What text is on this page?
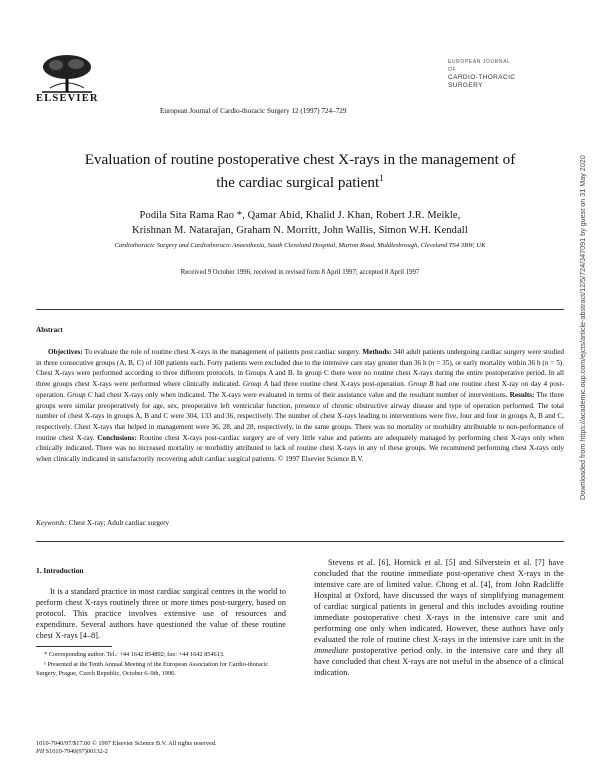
ELSEVIER
European Journal of Cardio-thoracic Surgery 12 (1997) 724–729
EUROPEAN JOURNAL OF
CARDIO-THORACIC
SURGERY
Evaluation of routine postoperative chest X-rays in the management of
the cardiac surgical patient$^1$
Podila Sita Rama Rao *, Qamar Abid, Khalid J. Khan, Robert J.R. Meikle,
Krishnan M. Natarajan, Graham N. Morritt, John Wallis, Simon W.H. Kendall
Cardiothoracic Surgery and Cardiothoracic Anaesthesia, South Cleveland Hospital, Marton Road, Middlesbrough, Cleveland TS4 3BW, UK
Received 9 October 1996; received in revised form 8 April 1997; accepted 8 April 1997
Abstract
Objectives: To evaluate the role of routine chest X-rays in the management of patients post cardiac surgery. Methods: 340 adult patients undergoing cardiac surgery were studied in three consecutive groups (A, B, C) of 100 patients each. Forty patients were excluded due to the intensive care stay greater than 36 h (n = 35), or early mortality within 36 h (n = 5). Chest X-rays were performed according to three different protocols. in Groups A and B. In group C there were no routine chest X-rays during the entire postoperative period. In all three groups chest X-rays were performed where clinically indicated. Group A had three routine chest X-rays post-operation. Group B had one routine chest X-ray on day 4 post-operation. Group C had chest X-rays only when indicated. The X-rays were evaluated in terms of their assistance value and the resultant number of interventions. Results: The three groups were similar preoperatively for age, sex, preoperative left ventricular function, presence of chronic obstructive airway disease and type of operation performed. The total number of chest X-rays in groups A, B and C were 304, 133 and 36, respectively. The number of chest X-rays leading to interventions were five, four and four in groups A, B and C, respectively. Chest X-rays that helped in management were 36, 28, and 28, respectively, in the same groups. There was no mortality or morbidity attributable to non-performance of routine chest X-ray. Conclusions: Routine chest X-rays post-cardiac surgery are of very little value and patients are adequately managed by performing chest X-rays only when clinically indicated. There was no increased mortality or morbidity attributed to lack of routine chest X-rays in any of these groups. We recommend performing chest X-rays only when clinically indicated in satisfactorily recovering adult cardiac surgical patients. © 1997 Elsevier Science B.V.
Keywords: Chest X-ray; Adult cardiac surgery
1. Introduction
It is a standard practice in most cardiac surgical centres in the world to perform chest X-rays routinely three or more times post-surgery, based on protocol. This practice involves extensive use of resources and expenditure. Several authors have questioned the value of these routine chest X-rays [4–8].
Stevens et al. [6], Hornick et al. [5] and Silverstein et al. [7] have concluded that the routine immediate post-operative chest X-rays in the intensive care are of limited value. Chong et al. [4], from John Radcliffe Hospital at Oxford, have discussed the ways of simplifying management of cardiac surgical patients in general and this includes avoiding routine immediate postoperative chest X-rays in the intensive care unit and performing one only when indicated. However, these authors have only evaluated the role of routine chest X-rays in the intensive care unit in the immediate postoperative period only. in the intensive care and they all have concluded that chest X-rays are not useful in the absence of a clinical indication.

* Corresponding author. Tel.: +44 1642 854892; fax: +44 1642 854613.

¹ Presented at the Tenth Annual Meeting of the European Association for Cardio-thoracic Surgery, Prague, Czech Republic, October 6–9th, 1996.

1010-7940/97/$17.00 © 1997 Elsevier Science B.V. All rights reserved.
PII S1010-7940(97)00132-2
Downloaded from https://academic.oup.com/ejcts/article-abstract/12/5/724/347091 by guest on 31 May 2020
